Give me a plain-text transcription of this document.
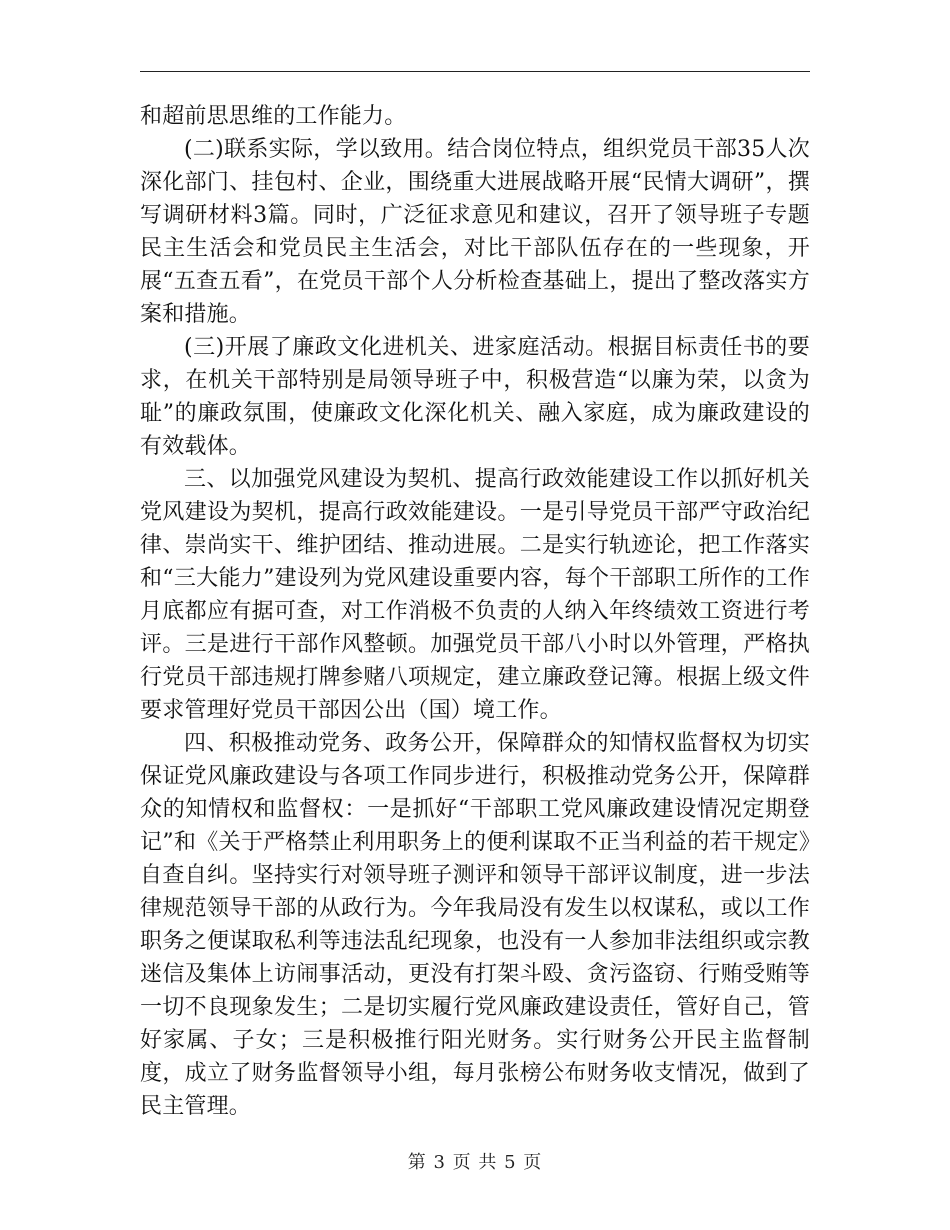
和超前思思维的工作能力。

(二)联系实际，学以致用。结合岗位特点，组织党员干部35人次深化部门、挂包村、企业，围绕重大进展战略开展“民情大调研”，撰写调研材料3篇。同时，广泛征求意见和建议，召开了领导班子专题民主生活会和党员民主生活会，对比干部队伍存在的一些现象，开展“五查五看”，在党员干部个人分析检查基础上，提出了整改落实方案和措施。

(三)开展了廉政文化进机关、进家庭活动。根据目标责任书的要求，在机关干部特别是局领导班子中，积极营造“以廉为荣，以贪为耻”的廉政氛围，使廉政文化深化机关、融入家庭，成为廉政建设的有效载体。

三、以加强党风建设为契机、提高行政效能建设工作以抓好机关党风建设为契机，提高行政效能建设。一是引导党员干部严守政治纪律、崇尚实干、维护团结、推动进展。二是实行轨迹论，把工作落实和“三大能力”建设列为党风建设重要内容，每个干部职工所作的工作月底都应有据可查，对工作消极不负责的人纳入年终绩效工资进行考评。三是进行干部作风整顿。加强党员干部八小时以外管理，严格执行党员干部违规打牌参赌八项规定，建立廉政登记簿。根据上级文件要求管理好党员干部因公出（国）境工作。

四、积极推动党务、政务公开，保障群众的知情权监督权为切实保证党风廉政建设与各项工作同步进行，积极推动党务公开，保障群众的知情权和监督权：一是抓好“干部职工党风廉政建设情况定期登记”和《关于严格禁止利用职务上的便利谋取不正当利益的若干规定》自查自纠。坚持实行对领导班子测评和领导干部评议制度，进一步法律规范领导干部的从政行为。今年我局没有发生以权谋私，或以工作职务之便谋取私利等违法乱纪现象，也没有一人参加非法组织或宗教迷信及集体上访闹事活动，更没有打架斗殴、贪污盗窃、行贿受贿等一切不良现象发生；二是切实履行党风廉政建设责任，管好自己，管好家属、子女；三是积极推行阳光财务。实行财务公开民主监督制度，成立了财务监督领导小组，每月张榜公布财务收支情况，做到了民主管理。

第 3 页 共 5 页
